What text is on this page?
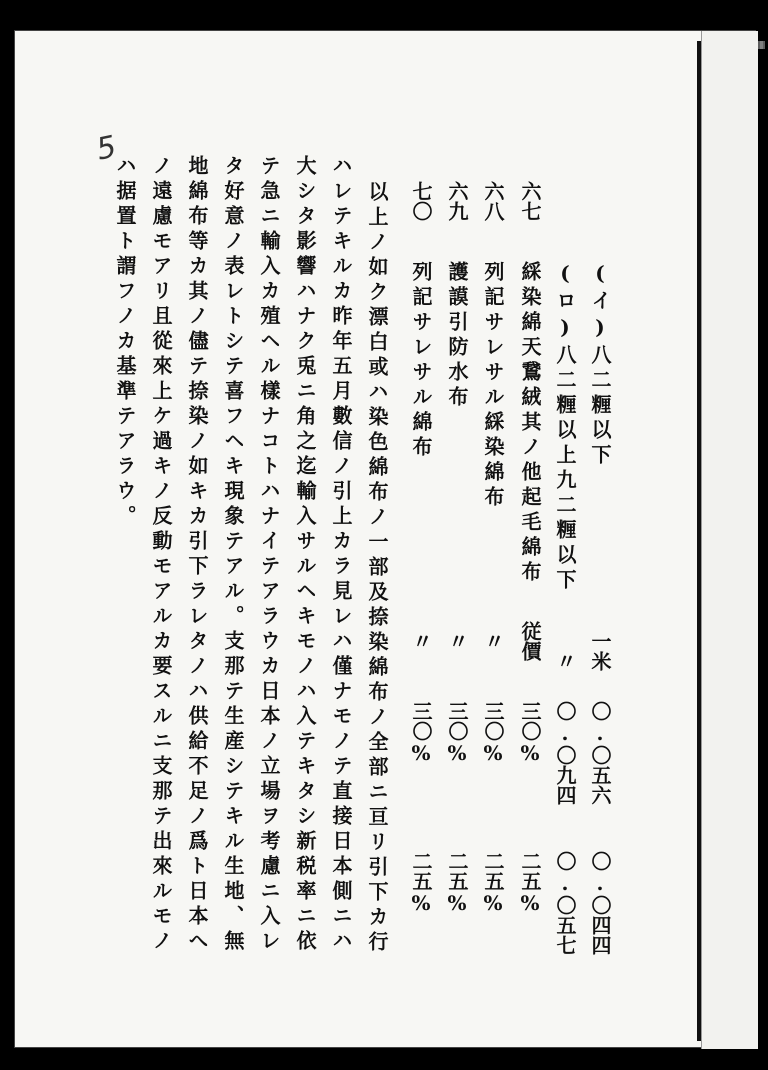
5
(イ)八二糎以下
一米
〇.〇五六
〇.〇四四
(ロ)八二糎以上九二糎以下
〃
〇.〇九四
〇.〇五七
六七
綵染綿天鵞絨其ノ他起毛綿布
従價
三〇%
二五%
六八
列記サレサル綵染綿布
〃
三〇%
二五%
六九
護謨引防水布
〃
三〇%
二五%
七〇
列記サレサル綿布
〃
三〇%
二五%
以上ノ如ク漂白或ハ染色綿布ノ一部及捺染綿布ノ全部ニ亘リ引下カ行
ハレテキルカ昨年五月數信ノ引上カラ見レハ僅ナモノテ直接日本側ニハ
大シタ影響ハナク兎ニ角之迄輸入サルヘキモノハ入テキタシ新税率ニ依
テ急ニ輸入カ殖ヘル樣ナコトハナイテアラウカ日本ノ立場ヲ考慮ニ入レ
タ好意ノ表レトシテ喜フヘキ現象テアル。支那テ生産シテキル生地、無
地綿布等カ其ノ儘テ捺染ノ如キカ引下ラレタノハ供給不足ノ爲ト日本へ
ノ遠慮モアリ且從來上ケ過キノ反動モアルカ要スルニ支那テ出來ルモノ
ハ据置ト謂フノカ基準テアラウ。
